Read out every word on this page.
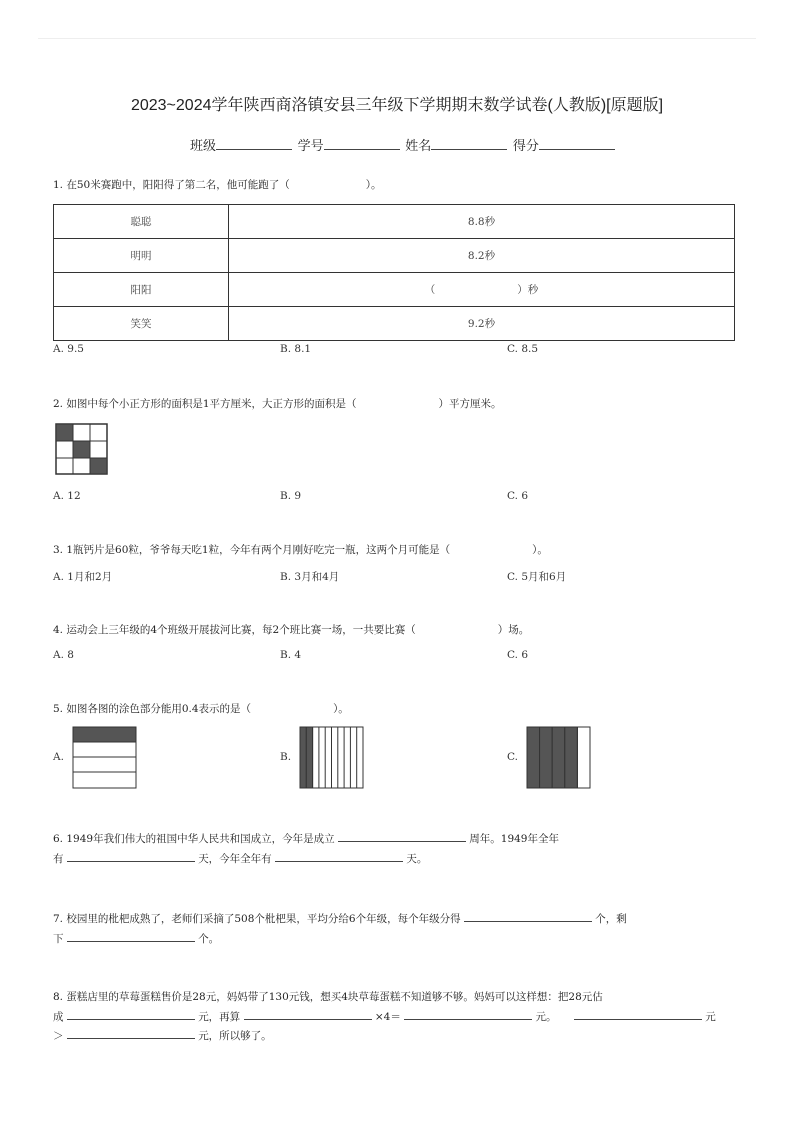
2023~2024学年陕西商洛镇安县三年级下学期期末数学试卷(人教版)[原题版]
班级	学号	姓名	得分
1. 在50米赛跑中，阳阳得了第二名，他可能跑了（	）。
聪聪	8.8秒
明明	8.2秒
阳阳	（ ）秒
笑笑	9.2秒
A. 9.5	B. 8.1	C. 8.5
2. 如图中每个小正方形的面积是1平方厘米，大正方形的面积是（	）平方厘米。
A. 12	B. 9	C. 6
3. 1瓶钙片是60粒，爷爷每天吃1粒，今年有两个月刚好吃完一瓶，这两个月可能是（	）。
A. 1月和2月	B. 3月和4月	C. 5月和6月
4. 运动会上三年级的4个班级开展拔河比赛，每2个班比赛一场，一共要比赛（	）场。
A. 8	B. 4	C. 6
5. 如图各图的涂色部分能用0.4表示的是（	）。
A.	B.	C.
6. 1949年我们伟大的祖国中华人民共和国成立，今年是成立	周年。1949年全年
有	天，今年全年有	天。
7. 校园里的枇杷成熟了，老师们采摘了508个枇杷果，平均分给6个年级，每个年级分得	个，剩
下	个。
8. 蛋糕店里的草莓蛋糕售价是28元，妈妈带了130元钱，想买4块草莓蛋糕不知道够不够。妈妈可以这样想：把28元估
成	元，再算	×4＝	元。	元
＞	元，所以够了。
